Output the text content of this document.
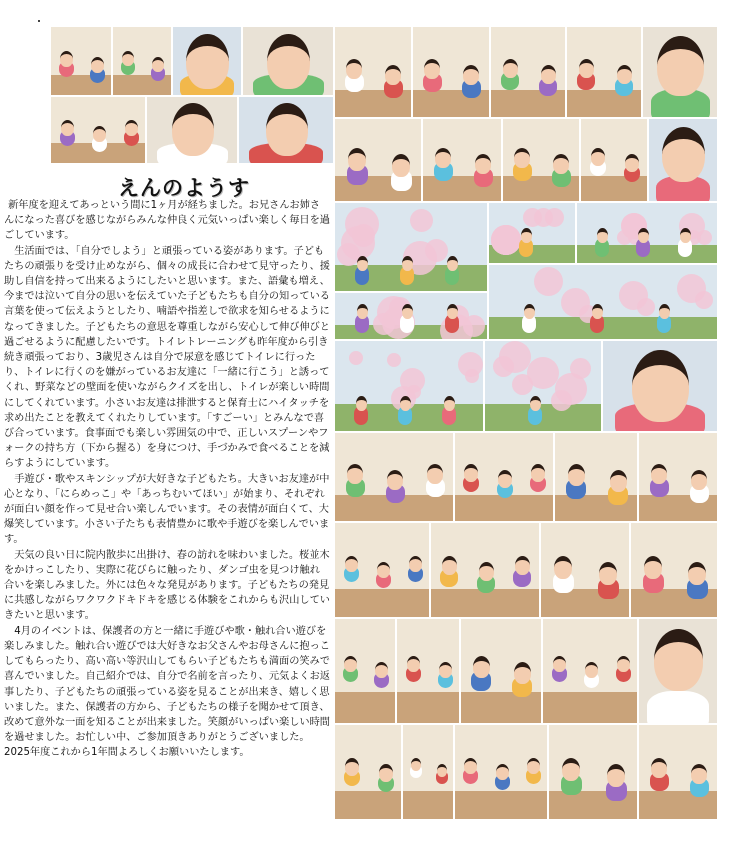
えんのようす

新年度を迎えてあっという間に1ヶ月が経ちました。お兄さんお姉さんになった喜びを感じながらみんな仲良く元気いっぱい楽しく毎日を過ごしています。

生活面では、「自分でしよう」と頑張っている姿があります。子どもたちの頑張りを受け止めながら、個々の成長に合わせて見守ったり、援助し自信を持って出来るようにしたいと思います。また、語彙も増え、今までは泣いて自分の思いを伝えていた子どもたちも自分の知っている言葉を使って伝えようとしたり、喃語や指差しで欲求を知らせるようになってきました。子どもたちの意思を尊重しながら安心して伸び伸びと過ごせるように配慮したいです。トイレトレーニングも昨年度から引き続き頑張っており、3歳児さんは自分で尿意を感じてトイレに行ったり、トイレに行くのを嫌がっているお友達に「一緒に行こう」と誘ってくれ、野菜などの壁面を使いながらクイズを出し、トイレが楽しい時間にしてくれています。小さいお友達は排泄すると保育士にハイタッチを求め出たことを教えてくれたりしています。「すごーい」とみんなで喜び合っています。食事面でも楽しい雰囲気の中で、正しいスプーンやフォークの持ち方（下から握る）を身につけ、手づかみで食べることを減らすようにしています。

手遊び・歌やスキンシップが大好きな子どもたち。大きいお友達が中心となり、「にらめっこ」や「あっちむいてほい」が始まり、それぞれが面白い顔を作って見せ合い楽しんでいます。その表情が面白くて、大爆笑しています。小さい子たちも表情豊かに歌や手遊びを楽しんでいます。

天気の良い日に院内散歩に出掛け、春の訪れを味わいました。桜並木をかけっこしたり、実際に花びらに触ったり、ダンゴ虫を見つけ触れ合いを楽しみました。外には色々な発見があります。子どもたちの発見に共感しながらワクワクドキドキを感じる体験をこれからも沢山していきたいと思います。

4月のイベントは、保護者の方と一緒に手遊びや歌・触れ合い遊びを楽しみました。触れ合い遊びでは大好きなお父さんやお母さんに抱っこしてもらったり、高い高い等沢山してもらい子どもたちも満面の笑みで喜んでいました。自己紹介では、自分で名前を言ったり、元気よくお返事したり、子どもたちの頑張っている姿を見ることが出来き、嬉しく思いました。また、保護者の方から、子どもたちの様子を聞かせて頂き、改めて意外な一面を知ることが出来ました。笑顔がいっぱい楽しい時間を過せました。お忙しい中、ご参加頂きありがとうございました。2025年度これから1年間よろしくお願いいたします。
